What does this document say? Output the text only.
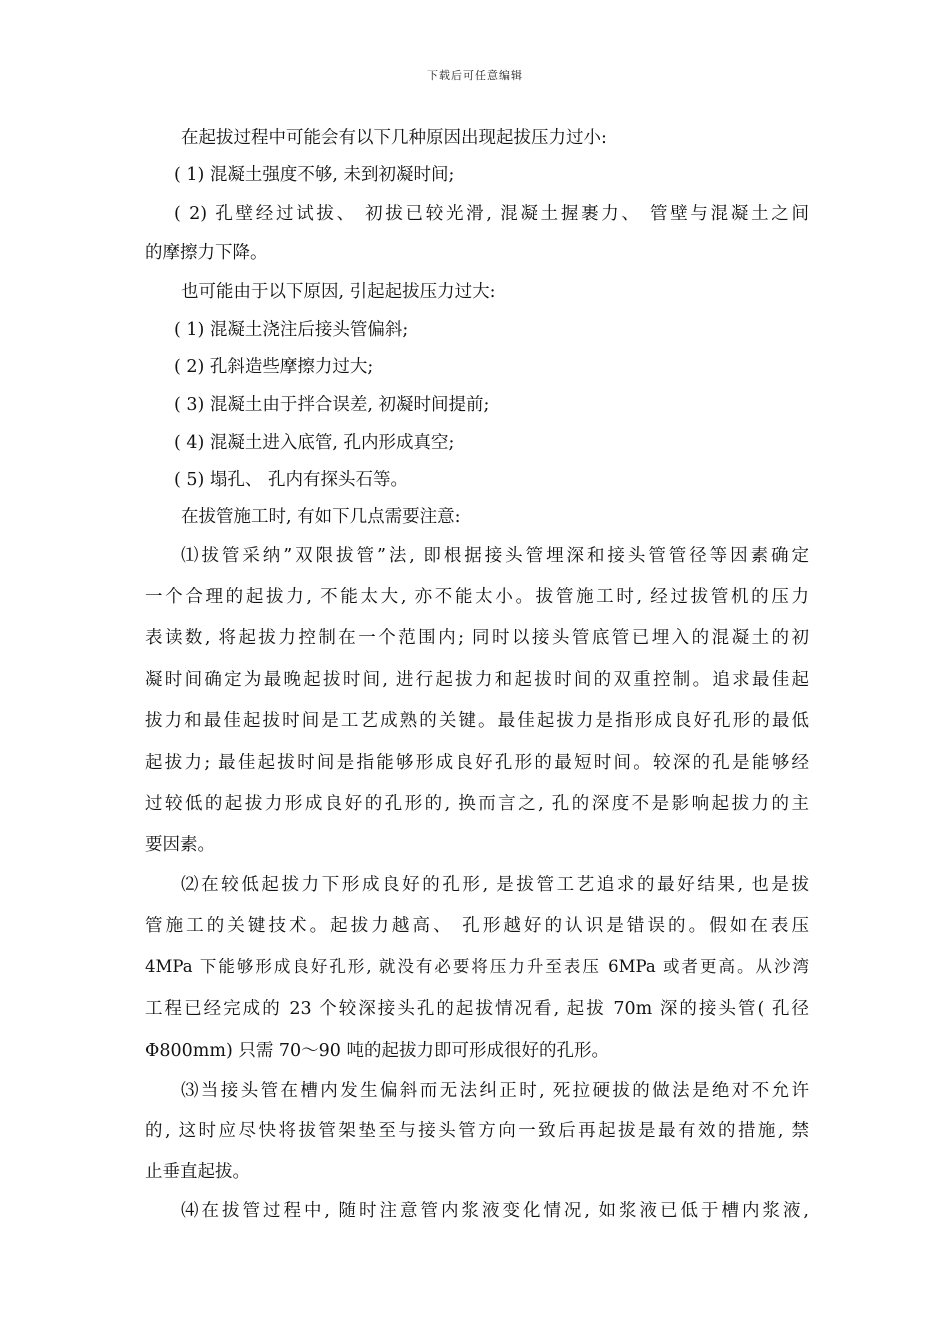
下载后可任意编辑
在起拔过程中可能会有以下几种原因出现起拔压力过小:
( 1) 混凝土强度不够, 未到初凝时间;
( 2) 孔壁经过试拔、 初拔已较光滑, 混凝土握裹力、 管壁与混凝土之间
的摩擦力下降。
也可能由于以下原因, 引起起拔压力过大:
( 1) 混凝土浇注后接头管偏斜;
( 2) 孔斜造些摩擦力过大;
( 3) 混凝土由于拌合误差, 初凝时间提前;
( 4) 混凝土进入底管, 孔内形成真空;
( 5) 塌孔、 孔内有探头石等。
在拔管施工时, 有如下几点需要注意:
⑴拔管采纳”双限拔管”法, 即根据接头管埋深和接头管管径等因素确定
一个合理的起拔力, 不能太大, 亦不能太小。拔管施工时, 经过拔管机的压力
表读数, 将起拔力控制在一个范围内; 同时以接头管底管已埋入的混凝土的初
凝时间确定为最晚起拔时间, 进行起拔力和起拔时间的双重控制。追求最佳起
拔力和最佳起拔时间是工艺成熟的关键。最佳起拔力是指形成良好孔形的最低
起拔力; 最佳起拔时间是指能够形成良好孔形的最短时间。较深的孔是能够经
过较低的起拔力形成良好的孔形的, 换而言之, 孔的深度不是影响起拔力的主
要因素。
⑵在较低起拔力下形成良好的孔形, 是拔管工艺追求的最好结果, 也是拔
管施工的关键技术。起拔力越高、 孔形越好的认识是错误的。假如在表压
4MPa 下能够形成良好孔形, 就没有必要将压力升至表压 6MPa 或者更高。从沙湾
工程已经完成的 23 个较深接头孔的起拔情况看, 起拔 70m 深的接头管( 孔径
Φ800mm) 只需 70～90 吨的起拔力即可形成很好的孔形。
⑶当接头管在槽内发生偏斜而无法纠正时, 死拉硬拔的做法是绝对不允许
的, 这时应尽快将拔管架垫至与接头管方向一致后再起拔是最有效的措施, 禁
止垂直起拔。
⑷在拔管过程中, 随时注意管内浆液变化情况, 如浆液已低于槽内浆液,
